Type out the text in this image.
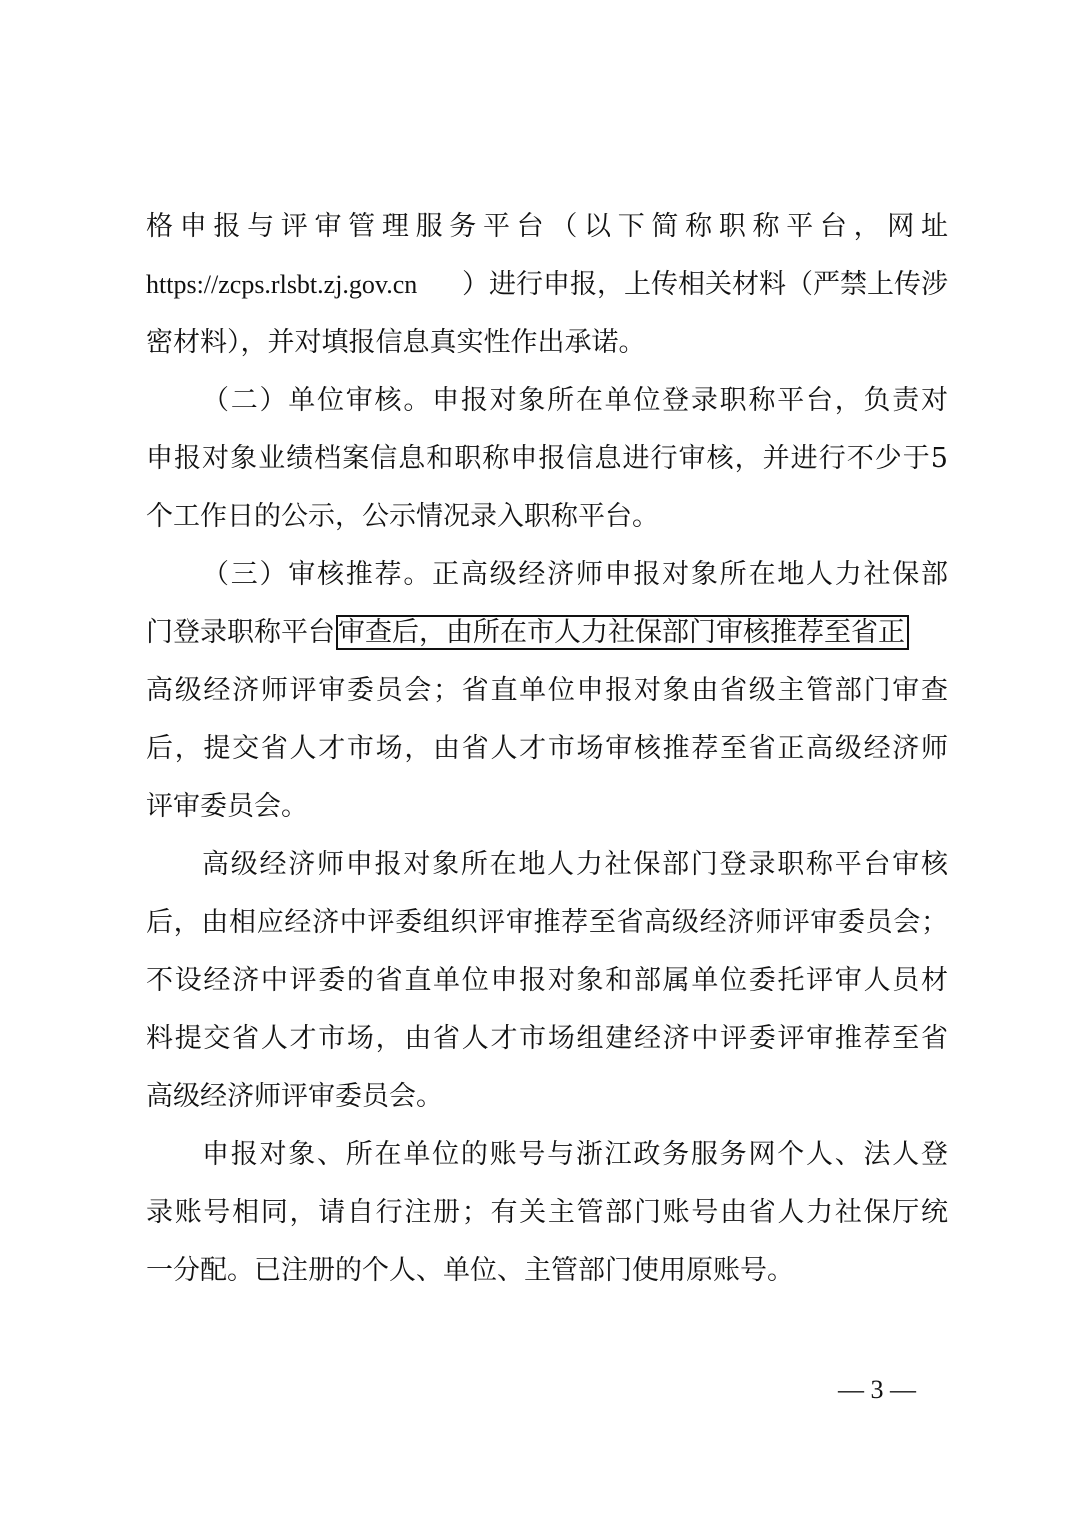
格申报与评审管理服务平台（以下简称职称平台，网址
https://zcps.rlsbt.zj.gov.cn ）进行申报，上传相关材料（严禁上传涉
密材料），并对填报信息真实性作出承诺。
（二）单位审核。申报对象所在单位登录职称平台，负责对
申报对象业绩档案信息和职称申报信息进行审核，并进行不少于5
个工作日的公示，公示情况录入职称平台。
（三）审核推荐。正高级经济师申报对象所在地人力社保部
门登录职称平台 审查后，由所在市人力社保部门审核推荐至省正
高级经济师评审委员会；省直单位申报对象由省级主管部门审查
后，提交省人才市场，由省人才市场审核推荐至省正高级经济师
评审委员会。
高级经济师申报对象所在地人力社保部门登录职称平台审核
后，由相应经济中评委组织评审推荐至省高级经济师评审委员会；
不设经济中评委的省直单位申报对象和部属单位委托评审人员材
料提交省人才市场，由省人才市场组建经济中评委评审推荐至省
高级经济师评审委员会。
申报对象、所在单位的账号与浙江政务服务网个人、法人登
录账号相同，请自行注册；有关主管部门账号由省人力社保厅统
一分配。已注册的个人、单位、主管部门使用原账号。
— 3 —
